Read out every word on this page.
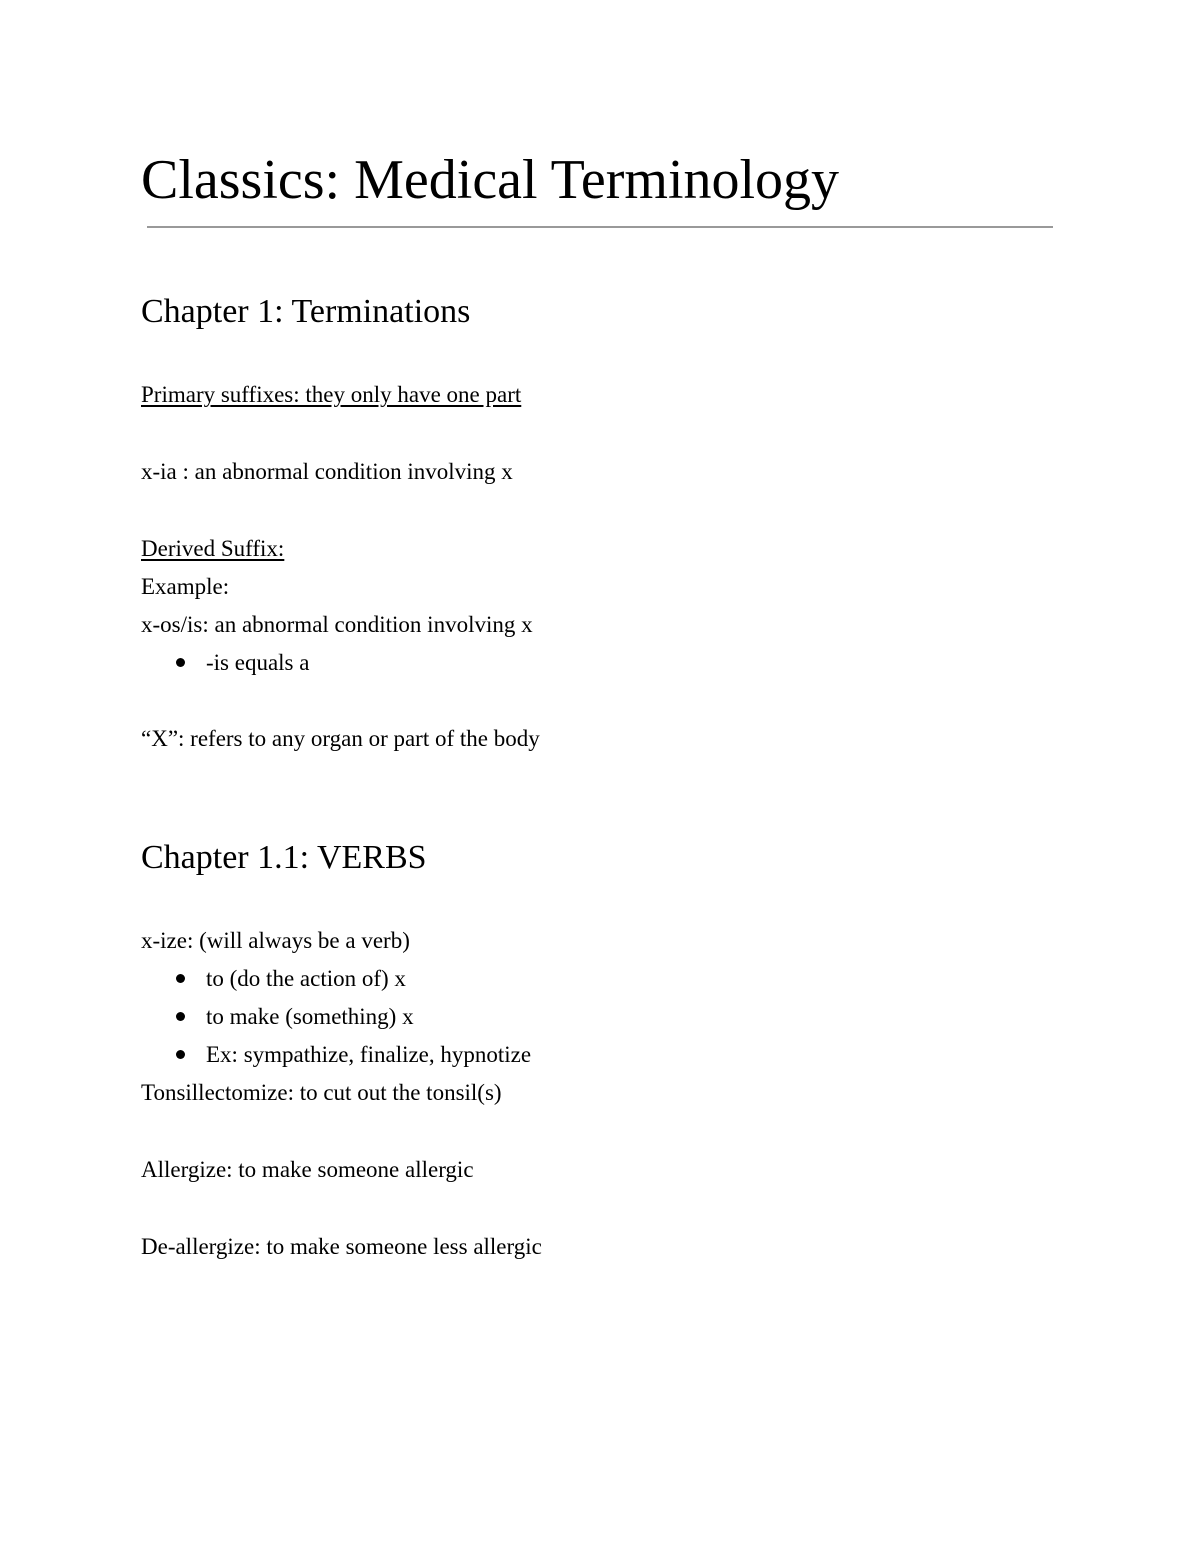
Classics: Medical Terminology
Chapter 1: Terminations
Primary suffixes: they only have one part
x-ia : an abnormal condition involving x
Derived Suffix:
Example:
x-os/is: an abnormal condition involving x
-is equals a
“X”: refers to any organ or part of the body
Chapter 1.1: VERBS
x-ize: (will always be a verb)
to (do the action of) x
to make (something) x
Ex: sympathize, finalize, hypnotize
Tonsillectomize: to cut out the tonsil(s)
Allergize: to make someone allergic
De-allergize: to make someone less allergic
